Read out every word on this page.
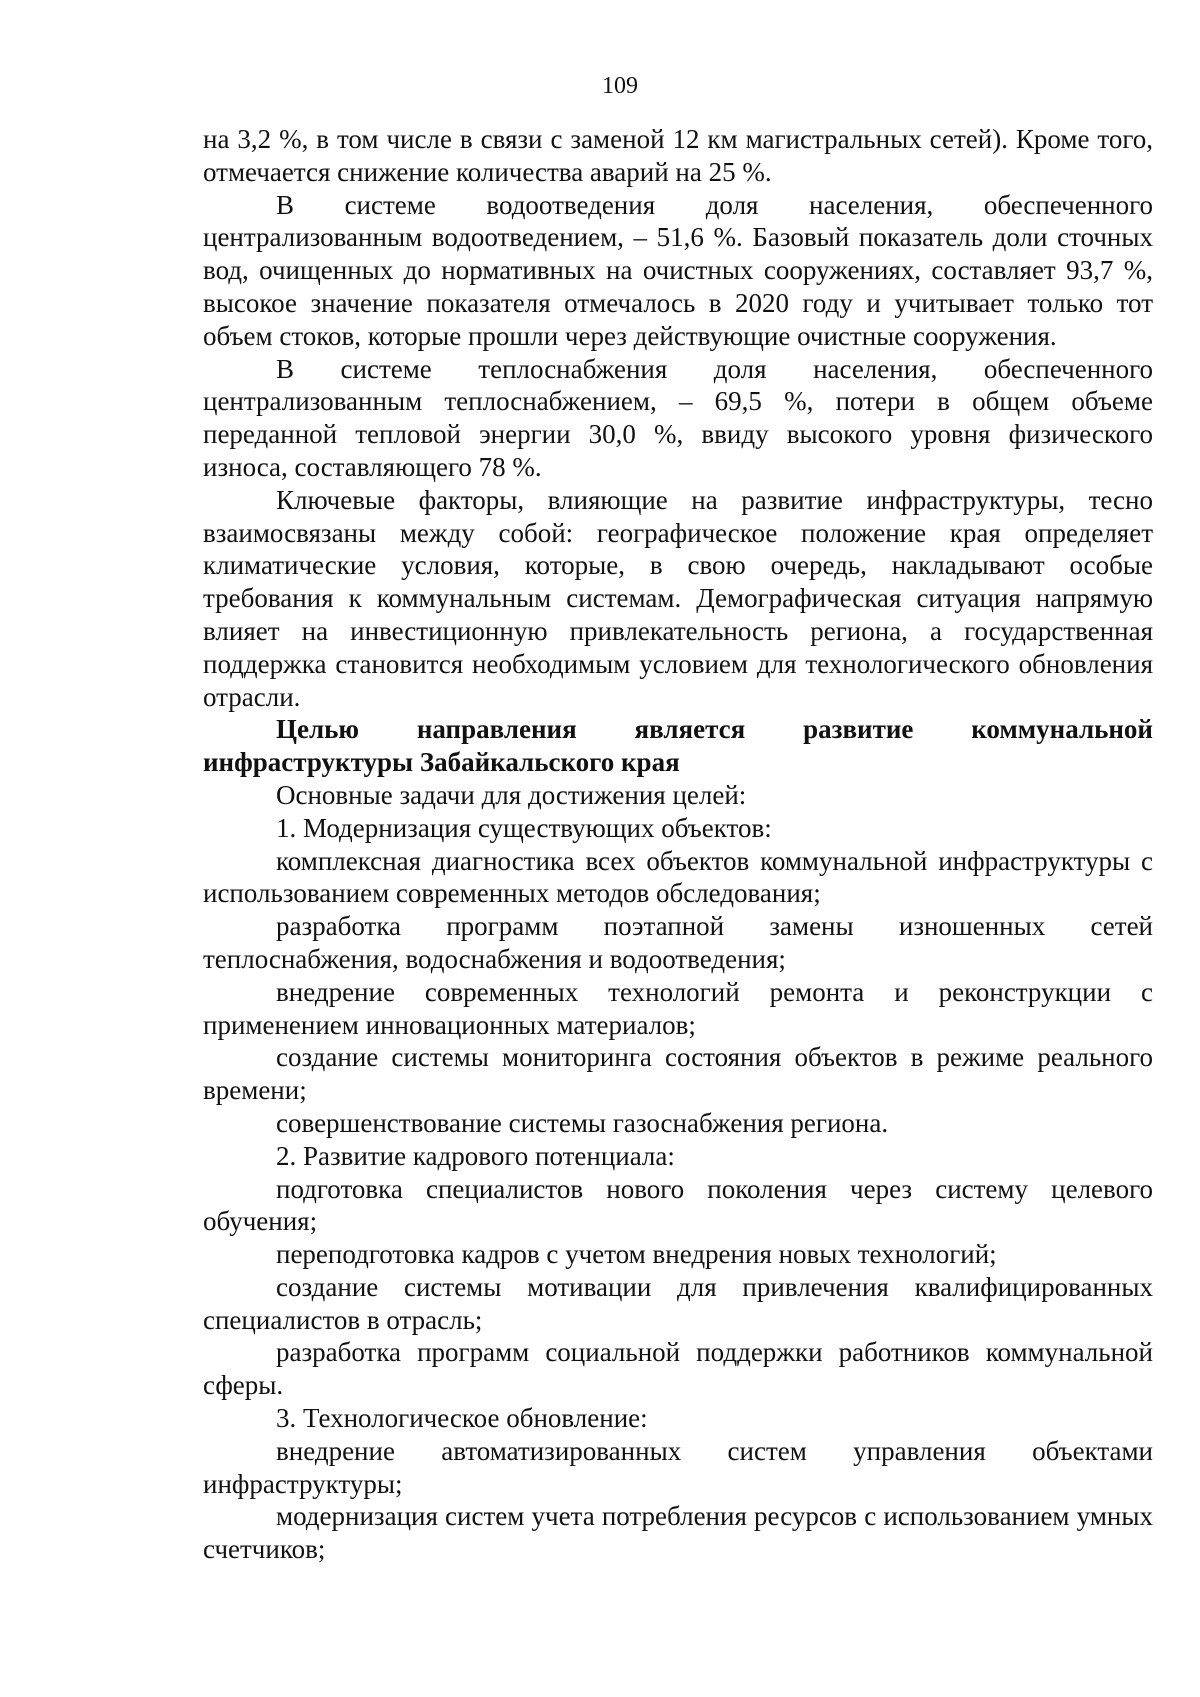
109

на 3,2 %, в том числе в связи с заменой 12 км магистральных сетей). Кроме того, отмечается снижение количества аварий на 25 %.

В системе водоотведения доля населения, обеспеченного централизованным водоотведением, – 51,6 %. Базовый показатель доли сточных вод, очищенных до нормативных на очистных сооружениях, составляет 93,7 %, высокое значение показателя отмечалось в 2020 году и учитывает только тот объем стоков, которые прошли через действующие очистные сооружения.

В системе теплоснабжения доля населения, обеспеченного централизованным теплоснабжением, – 69,5 %, потери в общем объеме переданной тепловой энергии 30,0 %, ввиду высокого уровня физического износа, составляющего 78 %.

Ключевые факторы, влияющие на развитие инфраструктуры, тесно взаимосвязаны между собой: географическое положение края определяет климатические условия, которые, в свою очередь, накладывают особые требования к коммунальным системам. Демографическая ситуация напрямую влияет на инвестиционную привлекательность региона, а государственная поддержка становится необходимым условием для технологического обновления отрасли.

Целью направления является развитие коммунальной инфраструктуры Забайкальского края

Основные задачи для достижения целей:

1. Модернизация существующих объектов:

комплексная диагностика всех объектов коммунальной инфраструктуры с использованием современных методов обследования;

разработка программ поэтапной замены изношенных сетей теплоснабжения, водоснабжения и водоотведения;

внедрение современных технологий ремонта и реконструкции с применением инновационных материалов;

создание системы мониторинга состояния объектов в режиме реального времени;

совершенствование системы газоснабжения региона.

2. Развитие кадрового потенциала:

подготовка специалистов нового поколения через систему целевого обучения;

переподготовка кадров с учетом внедрения новых технологий;

создание системы мотивации для привлечения квалифицированных специалистов в отрасль;

разработка программ социальной поддержки работников коммунальной сферы.

3. Технологическое обновление:

внедрение автоматизированных систем управления объектами инфраструктуры;

модернизация систем учета потребления ресурсов с использованием умных счетчиков;
